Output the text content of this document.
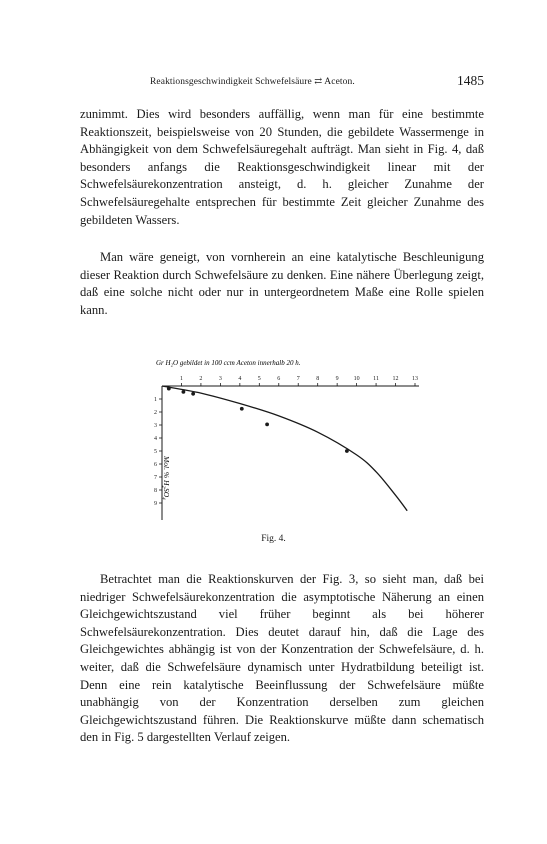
Reaktionsgeschwindigkeit Schwefelsäure ⇄ Aceton.	1485

zunimmt. Dies wird besonders auffällig, wenn man für eine bestimmte Reaktionszeit, beispielsweise von 20 Stunden, die gebildete Wassermenge in Abhängigkeit von dem Schwefelsäuregehalt aufträgt. Man sieht in Fig. 4, daß besonders anfangs die Reaktionsgeschwindigkeit linear mit der Schwefelsäurekonzentration ansteigt, d. h. gleicher Zunahme der Schwefelsäuregehalte entsprechen für bestimmte Zeit gleicher Zunahme des gebildeten Wassers.

Man wäre geneigt, von vornherein an eine katalytische Beschleunigung dieser Reaktion durch Schwefelsäure zu denken. Eine nähere Überlegung zeigt, daß eine solche nicht oder nur in untergeordnetem Maße eine Rolle spielen kann.

Gr H₂O gebildet in 100 ccm Aceton innerhalb 20 h.
Mol. % H₂SO₄
1	2	3	4	5	6	7	8	9 10 11 12 13
1
2
3
4
5
6
7
8
9
Fig. 4.

Betrachtet man die Reaktionskurven der Fig. 3, so sieht man, daß bei niedriger Schwefelsäurekonzentration die asymptotische Näherung an einen Gleichgewichtszustand viel früher beginnt als bei höherer Schwefelsäurekonzentration. Dies deutet darauf hin, daß die Lage des Gleichgewichtes abhängig ist von der Konzentration der Schwefelsäure, d. h. weiter, daß die Schwefelsäure dynamisch unter Hydratbildung beteiligt ist. Denn eine rein katalytische Beeinflussung der Schwefelsäure müßte unabhängig von der Konzentration derselben zum gleichen Gleichgewichtszustand führen. Die Reaktionskurve müßte dann schematisch den in Fig. 5 dargestellten Verlauf zeigen.
